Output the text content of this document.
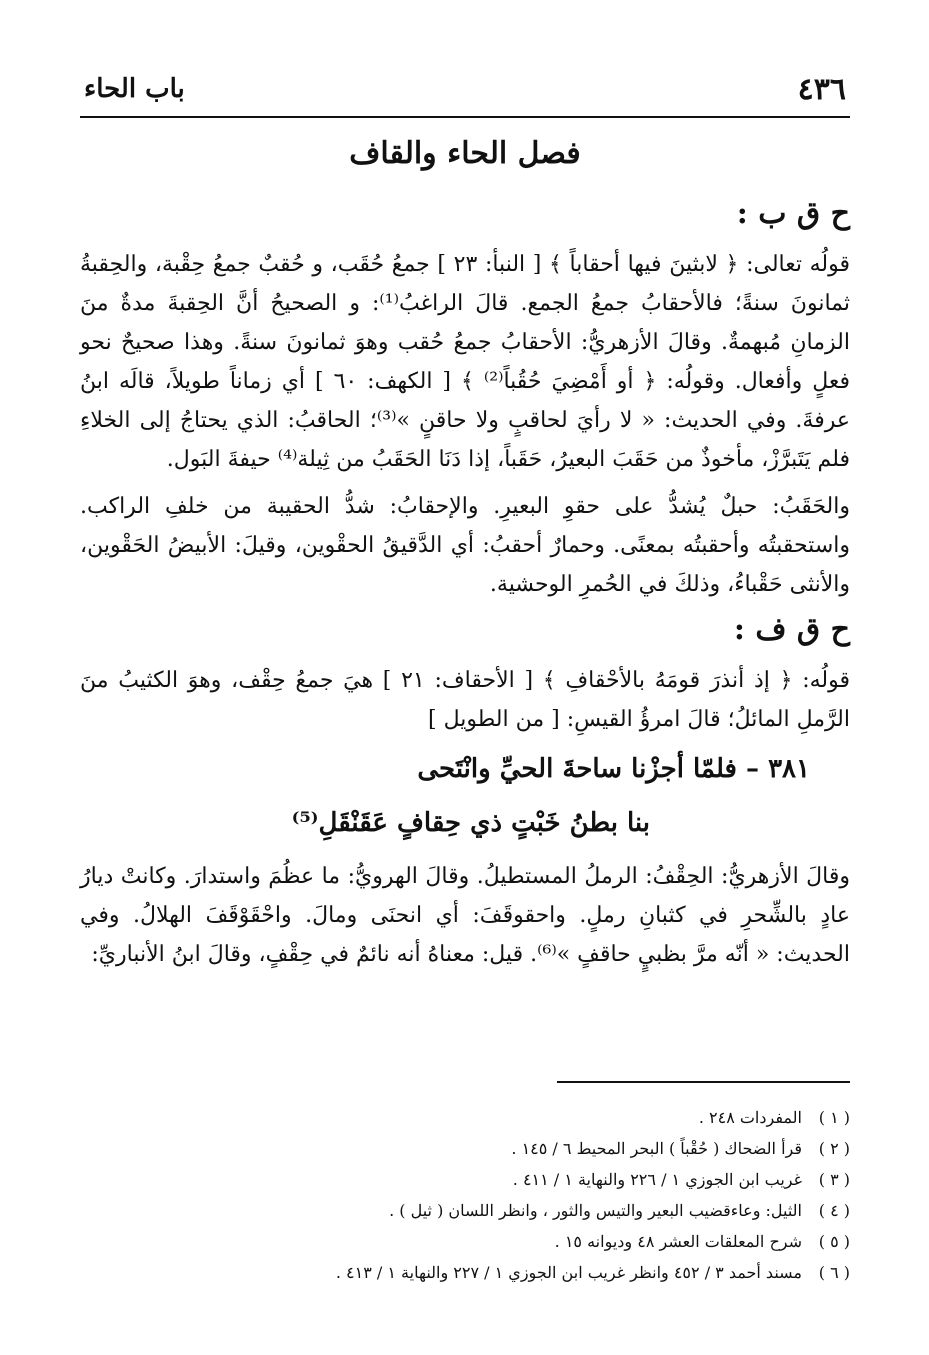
٤٣٦
باب الحاء
فصل الحاء والقاف
ح ق ب :

قولُه تعالى: ﴿ لابثينَ فيها أحقاباً ﴾ [ النبأ: ٢٣ ] جمعُ حُقَب، و حُقبٌ جمعُ حِقْبة، والحِقبةُ ثمانونَ سنةً؛ فالأحقابُ جمعُ الجمع. قالَ الراغبُ⁽¹⁾: و الصحيحُ أنَّ الحِقبةَ مدةٌ منَ الزمانِ مُبهمةٌ. وقالَ الأزهريُّ: الأحقابُ جمعُ حُقب وهوَ ثمانونَ سنةً. وهذا صحيحٌ نحو فعلٍ وأفعال. وقولُه: ﴿ أو أَمْضِيَ حُقُباً⁽²⁾ ﴾ [ الكهف: ٦٠ ] أي زماناً طويلاً، قالَه ابنُ عرفةَ. وفي الحديث: « لا رأيَ لحاقبٍ ولا حاقنٍ »⁽³⁾؛ الحاقبُ: الذي يحتاجُ إلى الخلاءِ فلم يَتَبرَّزْ، مأخوذٌ من حَقَبَ البعيرُ، حَقَباً، إذا دَنَا الحَقَبُ من ثِيلة⁽⁴⁾ حيفةَ البَول.

والحَقَبُ: حبلٌ يُشدُّ على حقوِ البعيرِ. والإحقابُ: شدُّ الحقيبة من خلفِ الراكب. واستحقبتُه وأحقبتُه بمعنًى. وحمارٌ أحقبُ: أي الدَّقيقُ الحقْوين، وقيلَ: الأبيضُ الحَقْوين، والأنثى حَقْباءُ، وذلكَ في الحُمرِ الوحشية.

ح ق ف :

قولُه: ﴿ إذ أنذرَ قومَهُ بالأحْقافِ ﴾ [ الأحقاف: ٢١ ] هيَ جمعُ حِقْف، وهوَ الكثيبُ منَ الرَّملِ المائلُ؛ قالَ امرؤُ القيسِ: [ من الطويل ]

٣٨١ – فلمّا أجزْنا ساحةَ الحيِّ وانْتَحى
بنا بطنُ خَبْتٍ ذي حِقافٍ عَقَنْقَلِ⁽⁵⁾

وقالَ الأزهريُّ: الحِقْفُ: الرملُ المستطيلُ. وقالَ الهرويُّ: ما عظُمَ واستدارَ. وكانتْ ديارُ عادٍ بالشِّحرِ في كثبانِ رملٍ. واحقوقَفَ: أي انحنَى ومالَ. واحْقَوْقَفَ الهلالُ. وفي الحديث: « أنّه مرَّ بظبيٍ حاقفٍ »⁽⁶⁾. قيل: معناهُ أنه نائمٌ في حِقْفٍ، وقالَ ابنُ الأنباريِّ:

( ١ )المفردات ٢٤٨ .
( ٢ )قرأ الضحاك ( حُقْباً ) البحر المحيط ٦ / ١٤٥ .
( ٣ )غريب ابن الجوزي ١ / ٢٢٦ والنهاية ١ / ٤١١ .
( ٤ )الثيل: وعاءقضيب البعير والتيس والثور ، وانظر اللسان ( ثيل ) .
( ٥ )شرح المعلقات العشر ٤٨ وديوانه ١٥ .
( ٦ )مسند أحمد ٣ / ٤٥٢ وانظر غريب ابن الجوزي ١ / ٢٢٧ والنهاية ١ / ٤١٣ .
